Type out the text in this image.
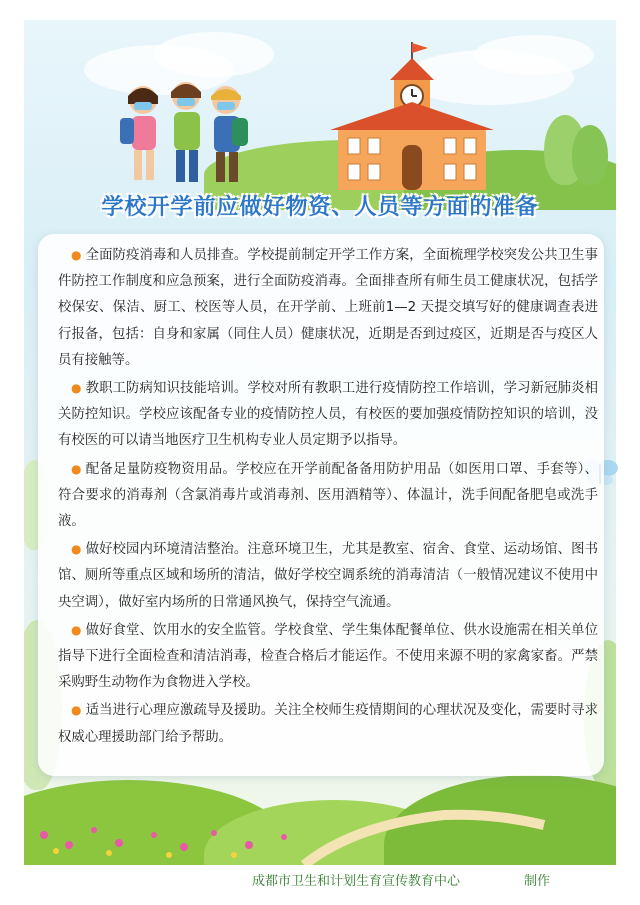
学校开学前应做好物资、人员等方面的准备

● 全面防疫消毒和人员排查。学校提前制定开学工作方案，全面梳理学校突发公共卫生事件防控工作制度和应急预案，进行全面防疫消毒。全面排查所有师生员工健康状况，包括学校保安、保洁、厨工、校医等人员，在开学前、上班前1—2 天提交填写好的健康调查表进行报备，包括：自身和家属（同住人员）健康状况，近期是否到过疫区，近期是否与疫区人员有接触等。

● 教职工防病知识技能培训。学校对所有教职工进行疫情防控工作培训，学习新冠肺炎相关防控知识。学校应该配备专业的疫情防控人员，有校医的要加强疫情防控知识的培训，没有校医的可以请当地医疗卫生机构专业人员定期予以指导。

● 配备足量防疫物资用品。学校应在开学前配备备用防护用品（如医用口罩、手套等）、符合要求的消毒剂（含氯消毒片或消毒剂、医用酒精等）、体温计，洗手间配备肥皂或洗手液。

● 做好校园内环境清洁整治。注意环境卫生，尤其是教室、宿舍、食堂、运动场馆、图书馆、厕所等重点区域和场所的清洁，做好学校空调系统的消毒清洁（一般情况建议不使用中央空调），做好室内场所的日常通风换气，保持空气流通。

● 做好食堂、饮用水的安全监管。学校食堂、学生集体配餐单位、供水设施需在相关单位指导下进行全面检查和清洁消毒，检查合格后才能运作。不使用来源不明的家禽家畜。严禁采购野生动物作为食物进入学校。

● 适当进行心理应激疏导及援助。关注全校师生疫情期间的心理状况及变化，需要时寻求权威心理援助部门给予帮助。

成都市卫生和计划生育宣传教育中心	制作
